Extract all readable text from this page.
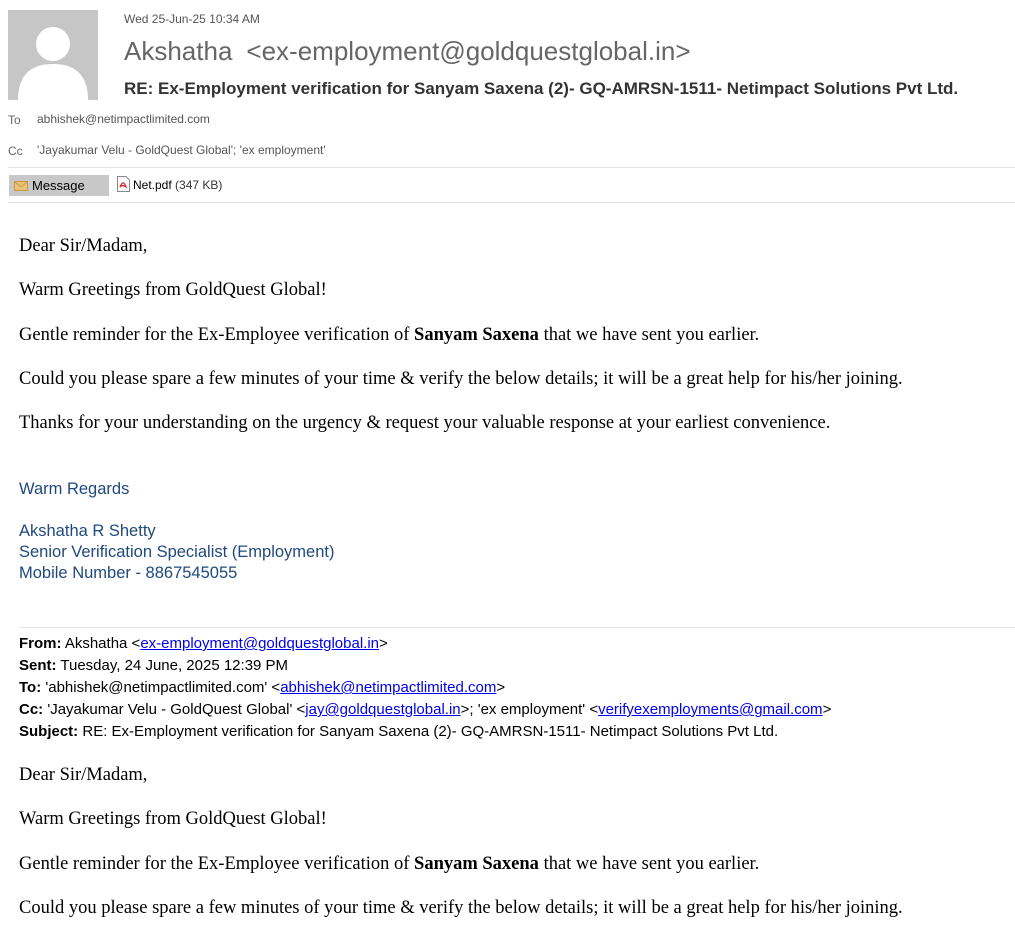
Wed 25-Jun-25 10:34 AM
Akshatha <ex-employment@goldquestglobal.in>
RE: Ex-Employment verification for Sanyam Saxena (2)- GQ-AMRSN-1511- Netimpact Solutions Pvt Ltd.
To abhishek@netimpactlimited.com
Cc 'Jayakumar Velu - GoldQuest Global'; 'ex employment'
Message	Net.pdf (347 KB)
Dear Sir/Madam,
Warm Greetings from GoldQuest Global!
Gentle reminder for the Ex-Employee verification of Sanyam Saxena that we have sent you earlier.
Could you please spare a few minutes of your time & verify the below details; it will be a great help for his/her joining.
Thanks for your understanding on the urgency & request your valuable response at your earliest convenience.
Warm Regards
Akshatha R Shetty
Senior Verification Specialist (Employment)
Mobile Number - 8867545055
From: Akshatha <ex-employment@goldquestglobal.in>
Sent: Tuesday, 24 June, 2025 12:39 PM
To: 'abhishek@netimpactlimited.com' <abhishek@netimpactlimited.com>
Cc: 'Jayakumar Velu - GoldQuest Global' <jay@goldquestglobal.in>; 'ex employment' <verifyexemployments@gmail.com>
Subject: RE: Ex-Employment verification for Sanyam Saxena (2)- GQ-AMRSN-1511- Netimpact Solutions Pvt Ltd.
Dear Sir/Madam,
Warm Greetings from GoldQuest Global!
Gentle reminder for the Ex-Employee verification of Sanyam Saxena that we have sent you earlier.
Could you please spare a few minutes of your time & verify the below details; it will be a great help for his/her joining.
